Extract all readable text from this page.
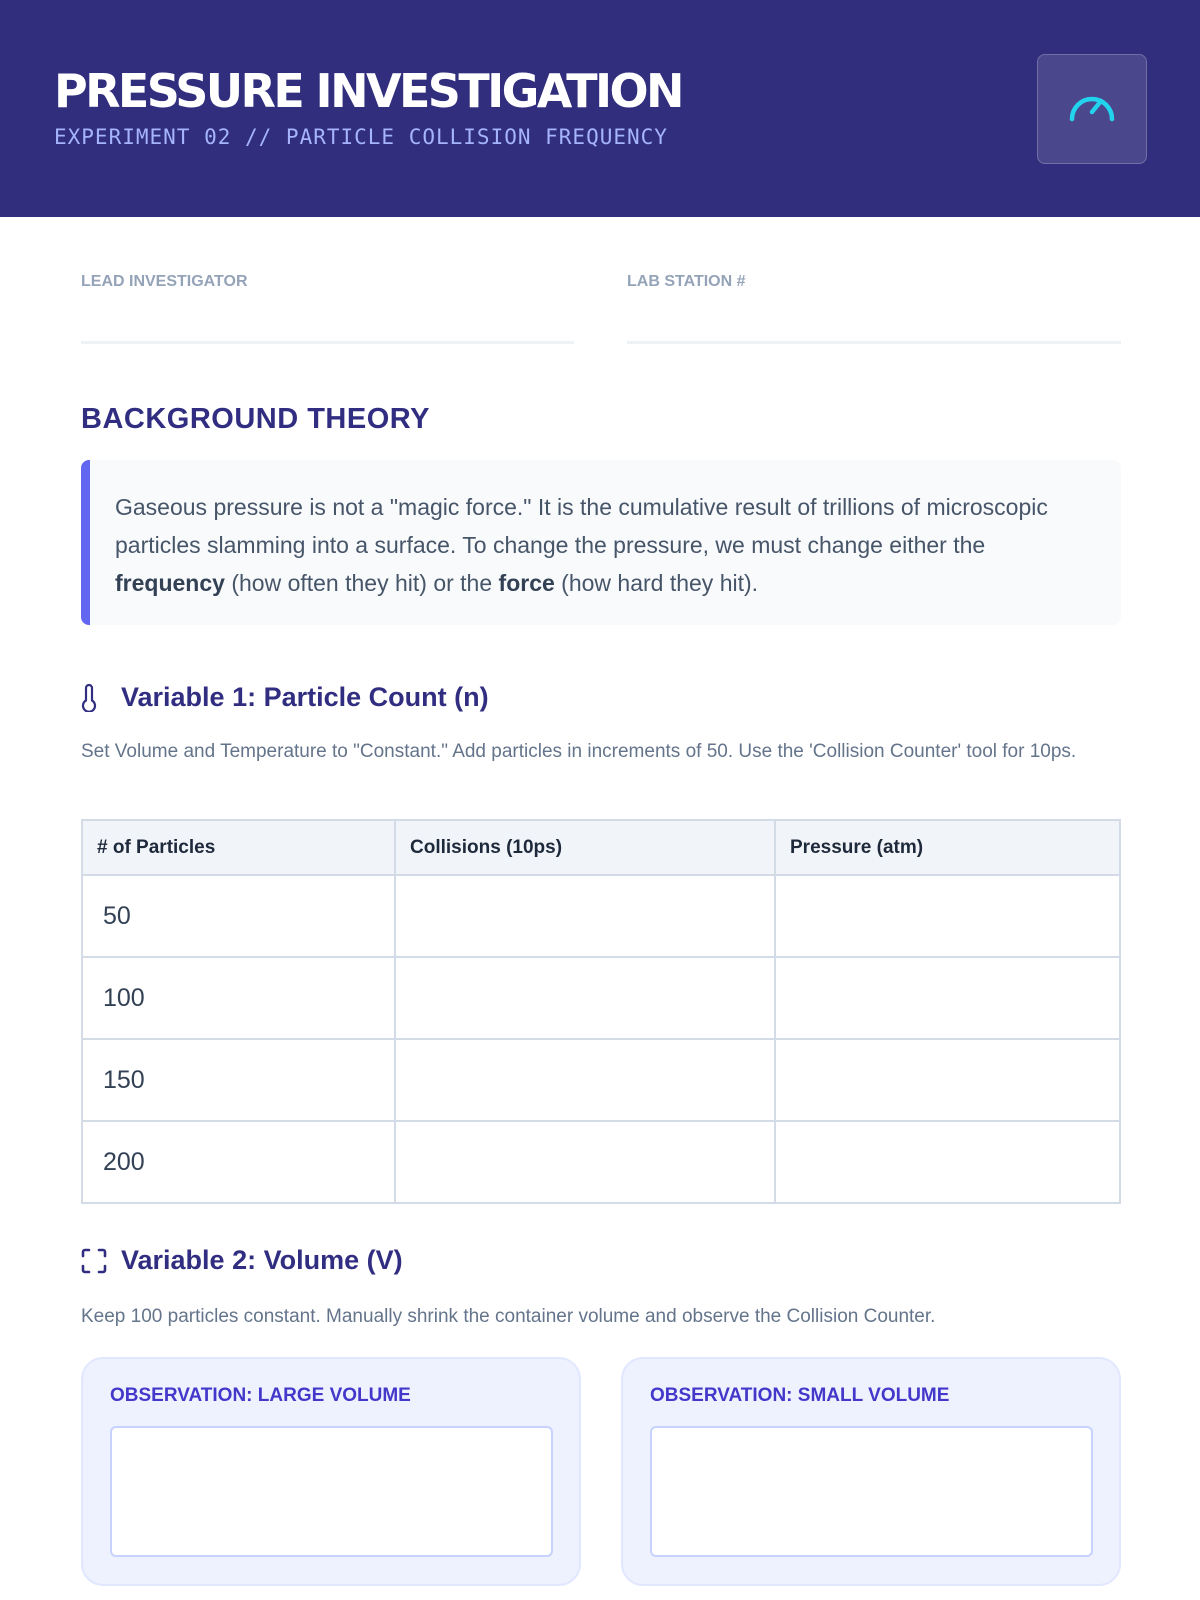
PRESSURE INVESTIGATION
EXPERIMENT 02 // PARTICLE COLLISION FREQUENCY
LEAD INVESTIGATOR	LAB STATION #
BACKGROUND THEORY
Gaseous pressure is not a "magic force." It is the cumulative result of trillions of microscopic particles slamming into a surface. To change the pressure, we must change either the frequency (how often they hit) or the force (how hard they hit).
Variable 1: Particle Count (n)
Set Volume and Temperature to "Constant." Add particles in increments of 50. Use the 'Collision Counter' tool for 10ps.
# of Particles	Collisions (10ps)	Pressure (atm)
50		
100		
150		
200		
Variable 2: Volume (V)
Keep 100 particles constant. Manually shrink the container volume and observe the Collision Counter.
OBSERVATION: LARGE VOLUME	OBSERVATION: SMALL VOLUME
